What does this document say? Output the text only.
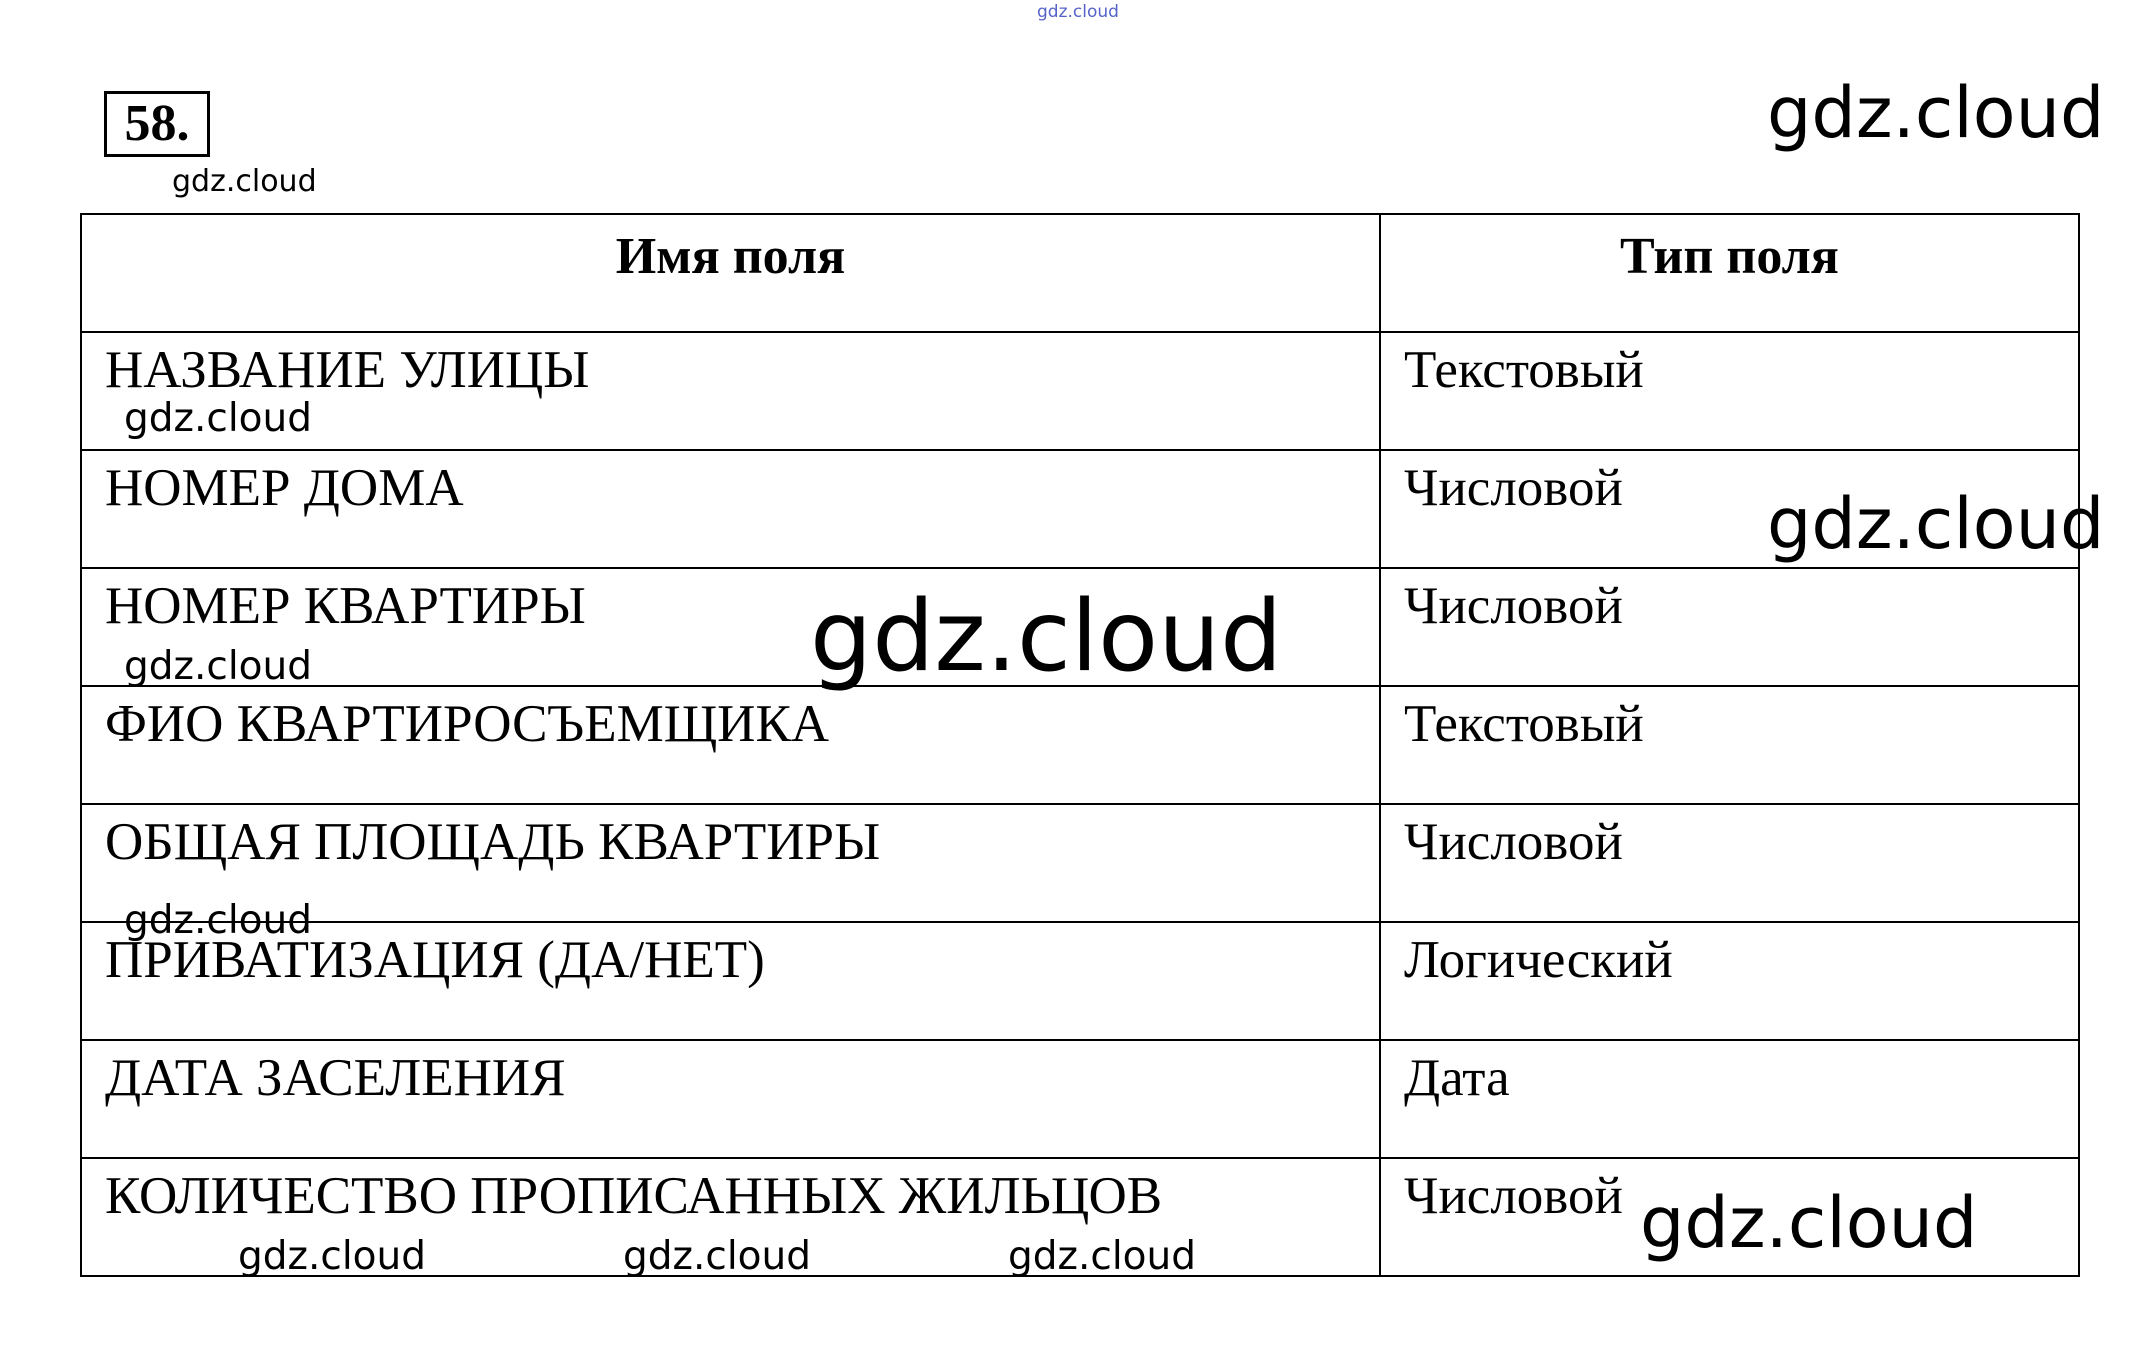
gdz.cloud
gdz.cloud
gdz.cloud
58.
Имя поля	Тип поля
НАЗВАНИЕ УЛИЦЫ	Текстовый
НОМЕР ДОМА	Числовой
НОМЕР КВАРТИРЫ	Числовой
ФИО КВАРТИРОСЪЕМЩИКА	Текстовый
ОБЩАЯ ПЛОЩАДЬ КВАРТИРЫ	Числовой
ПРИВАТИЗАЦИЯ (ДА/НЕТ)	Логический
ДАТА ЗАСЕЛЕНИЯ	Дата
КОЛИЧЕСТВО ПРОПИСАННЫХ ЖИЛЬЦОВ	Числовой
gdz.cloud
gdz.cloud
gdz.cloud
gdz.cloud
gdz.cloud
gdz.cloud
gdz.cloud	gdz.cloud	gdz.cloud
